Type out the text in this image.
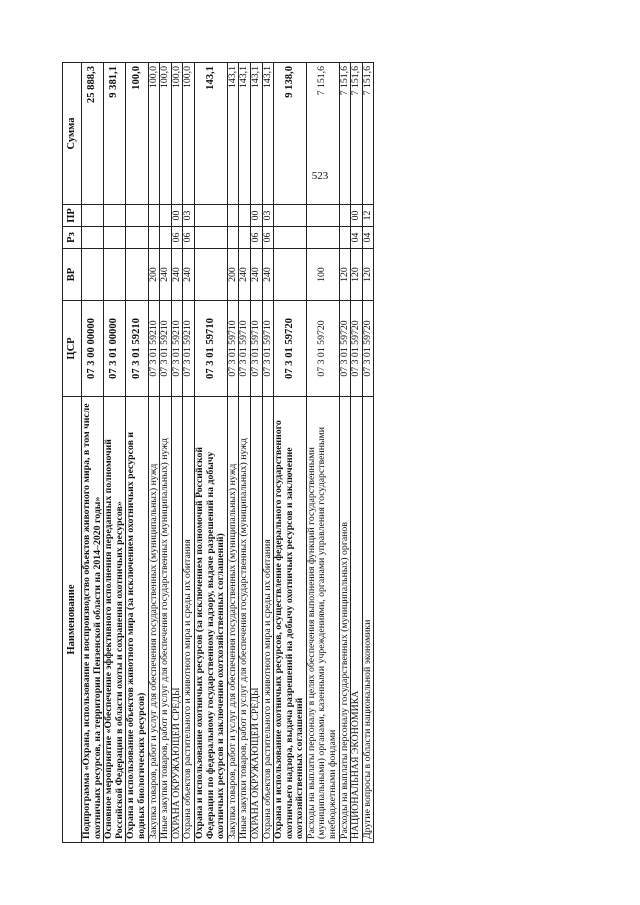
523
Наименование	ЦСР	ВР	Рз	ПР	Сумма
Подпрограмма «Охрана, использование и воспроизводство объектов животного мира, в том числе охотничьих ресурсов, на территории Пензенской области на 2014–2020 годы»	07 3 00 00000				25 888,3
Основное мероприятие «Обеспечение эффективного исполнения переданных полномочий Российской Федерации в области охоты и сохранения охотничьих ресурсов»	07 3 01 00000				9 381,1
Охрана и использование объектов животного мира (за исключением охотничьих ресурсов и водных биологических ресурсов)	07 3 01 59210				100,0
Закупка товаров, работ и услуг для обеспечения государственных (муниципальных) нужд	07 3 01 59210	200			100,0
Иные закупки товаров, работ и услуг для обеспечения государственных (муниципальных) нужд	07 3 01 59210	240			100,0
ОХРАНА ОКРУЖАЮЩЕЙ СРЕДЫ	07 3 01 59210	240	06	00	100,0
Охрана объектов растительного и животного мира и среды их обитания	07 3 01 59210	240	06	03	100,0
Охрана и использование охотничьих ресурсов (за исключением полномочий Российской Федерации по федеральному государственному надзору, выдаче разрешений на добычу охотничьих ресурсов и заключению охотхозяйственных соглашений)	07 3 01 59710				143,1
Закупка товаров, работ и услуг для обеспечения государственных (муниципальных) нужд	07 3 01 59710	200			143,1
Иные закупки товаров, работ и услуг для обеспечения государственных (муниципальных) нужд	07 3 01 59710	240			143,1
ОХРАНА ОКРУЖАЮЩЕЙ СРЕДЫ	07 3 01 59710	240	06	00	143,1
Охрана объектов растительного и животного мира и среды их обитания	07 3 01 59710	240	06	03	143,1
Охрана и использование охотничьих ресурсов, осуществление федерального государственного охотничьего надзора, выдача разрешений на добычу охотничьих ресурсов и заключение охотхозяйственных соглашений	07 3 01 59720				9 138,0
Расходы на выплаты персоналу в целях обеспечения выполнения функций государственными (муниципальными) органами, казенными учреждениями, органами управления государственными внебюджетными фондами	07 3 01 59720	100			7 151,6
Расходы на выплаты персоналу государственных (муниципальных) органов	07 3 01 59720	120			7 151,6
НАЦИОНАЛЬНАЯ ЭКОНОМИКА	07 3 01 59720	120	04	00	7 151,6
Другие вопросы в области национальной экономики	07 3 01 59720	120	04	12	7 151,6
